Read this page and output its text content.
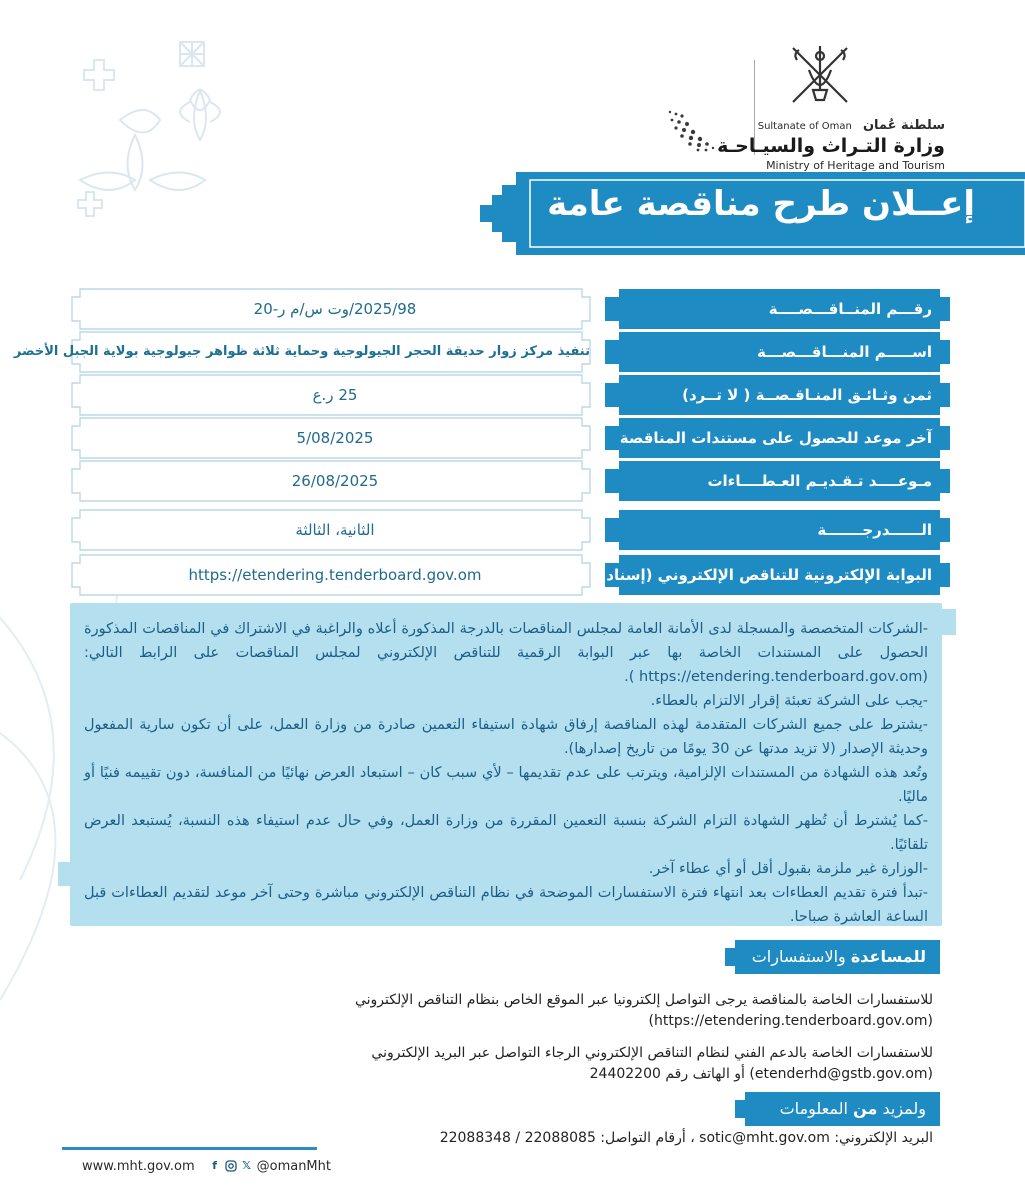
سلطنة عُمان Sultanate of Oman
وزارة التـراث والسيـاحـة
Ministry of Heritage and Tourism
إعــلان طرح مناقصة عامة
2025/98/وت س/م ر-20	رقـــم المنــاقـــصــــة
تنفيذ مركز زوار حديقة الحجر الجيولوجية وحماية ثلاثة ظواهر جيولوجية بولاية الجبل الأخضر	اســـــم المنـــاقـــصـــة
25 ر.ع	ثمن وثـائـق المنـاقـصــة ( لا تــرد)
5/08/2025	آخر موعد للحصول على مستندات المناقصة
26/08/2025	مـوعــــد تـقـديـم العـطــــاءات
الثانية، الثالثة	الــــــدرجـــــــة
https://etendering.tenderboard.gov.om	البوابة الإلكترونية للتناقص الإلكتروني (إسناد)
-الشركات المتخصصة والمسجلة لدى الأمانة العامة لمجلس المناقصات بالدرجة المذكورة أعلاه والراغبة في الاشتراك في المناقصات المذكورة الحصول على المستندات الخاصة بها عبر البوابة الرقمية للتناقص الإلكتروني لمجلس المناقصات على الرابط التالي: (https://etendering.tenderboard.gov.om ).
-يجب على الشركة تعبئة إقرار الالتزام بالعطاء.
-يشترط على جميع الشركات المتقدمة لهذه المناقصة إرفاق شهادة استيفاء التعمين صادرة من وزارة العمل، على أن تكون سارية المفعول وحديثة الإصدار (لا تزيد مدتها عن 30 يومًا من تاريخ إصدارها).
وتُعد هذه الشهادة من المستندات الإلزامية، ويترتب على عدم تقديمها – لأي سبب كان – استبعاد العرض نهائيًا من المنافسة، دون تقييمه فنيًا أو ماليًا.
-كما يُشترط أن تُظهر الشهادة التزام الشركة بنسبة التعمين المقررة من وزارة العمل، وفي حال عدم استيفاء هذه النسبة، يُستبعد العرض تلقائيًا.
-الوزارة غير ملزمة بقبول أقل أو أي عطاء آخر.
-تبدأ فترة تقديم العطاءات بعد انتهاء فترة الاستفسارات الموضحة في نظام التناقص الإلكتروني مباشرة وحتى آخر موعد لتقديم العطاءات قبل الساعة العاشرة صباحا.
للمساعدة والاستفسارات
للاستفسارات الخاصة بالمناقصة يرجى التواصل إلكترونيا عبر الموقع الخاص بنظام التناقص الإلكتروني
(https://etendering.tenderboard.gov.om)
للاستفسارات الخاصة بالدعم الفني لنظام التناقص الإلكتروني الرجاء التواصل عبر البريد الإلكتروني
(etenderhd@gstb.gov.om) أو الهاتف رقم 24402200
ولمزيد من المعلومات
البريد الإلكتروني: sotic@mht.gov.om ، أرقام التواصل: 22088085 / 22088348
www.mht.gov.om	f	𝕏 @omanMht
